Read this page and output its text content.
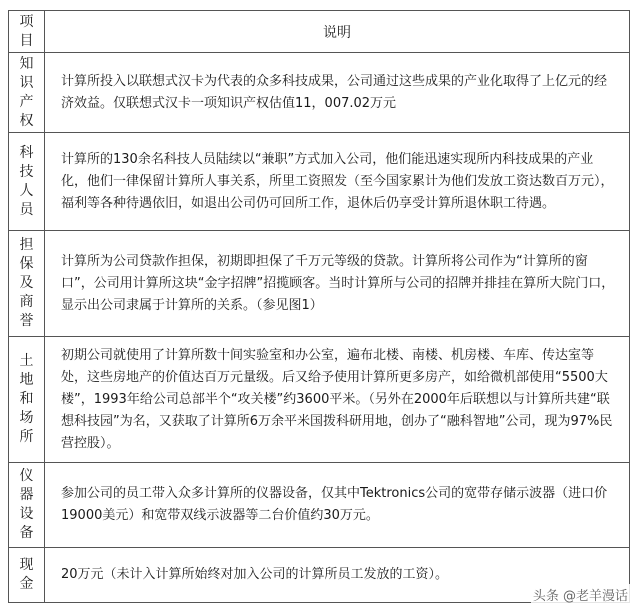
项目	说明
知识产权	计算所投入以联想式汉卡为代表的众多科技成果，公司通过这些成果的产业化取得了上亿元的经济效益。仅联想式汉卡一项知识产权估值11，007.02万元
科技人员	计算所的130余名科技人员陆续以“兼职”方式加入公司，他们能迅速实现所内科技成果的产业化，他们一律保留计算所人事关系，所里工资照发（至今国家累计为他们发放工资达数百万元），福利等各种待遇依旧，如退出公司仍可回所工作，退休后仍享受计算所退休职工待遇。
担保及商誉	计算所为公司贷款作担保，初期即担保了千万元等级的贷款。计算所将公司作为“计算所的窗口”，公司用计算所这块“金字招牌”招揽顾客。当时计算所与公司的招牌并排挂在算所大院门口，显示出公司隶属于计算所的关系。（参见图1）
土地和场所	初期公司就使用了计算所数十间实验室和办公室，遍布北楼、南楼、机房楼、车库、传达室等处，这些房地产的价值达百万元量级。后又给予使用计算所更多房产，如给微机部使用“5500大楼”，1993年给公司总部半个“攻关楼”约3600平米。（另外在2000年后联想以与计算所共建“联想科技园”为名，又获取了计算所6万余平米国拨科研用地，创办了“融科智地”公司，现为97%民营控股）。
仪器设备	参加公司的员工带入众多计算所的仪器设备，仅其中Tektronics公司的宽带存储示波器（进口价19000美元）和宽带双线示波器等二台价值约30万元。
现金	20万元（未计入计算所始终对加入公司的计算所员工发放的工资）。
头条 @老羊漫话
